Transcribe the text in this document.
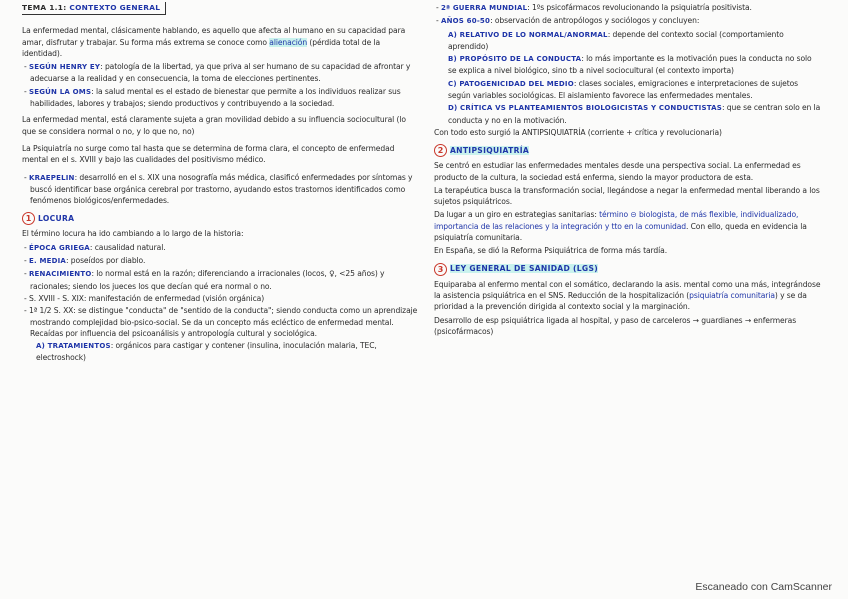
TEMA 1.1: CONTEXTO GENERAL

La enfermedad mental, clásicamente hablando, es aquello que afecta al humano en su capacidad para amar, disfrutar y trabajar. Su forma más extrema se conoce como alienación (pérdida total de la identidad).

- SEGÚN HENRY EY: patología de la libertad, ya que priva al ser humano de su capacidad de afrontar y adecuarse a la realidad y en consecuencia, la toma de elecciones pertinentes.

- SEGÚN LA OMS: la salud mental es el estado de bienestar que permite a los individuos realizar sus habilidades, labores y trabajos; siendo productivos y contribuyendo a la sociedad.

La enfermedad mental, está claramente sujeta a gran movilidad debido a su influencia sociocultural (lo que se considera normal o no, y lo que no, no)

La Psiquiatría no surge como tal hasta que se determina de forma clara, el concepto de enfermedad mental en el s. XVIII y bajo las cualidades del positivismo médico.

- KRAEPELIN: desarrolló en el s. XIX una nosografía más médica, clasificó enfermedades por síntomas y buscó identificar base orgánica cerebral por trastorno, ayudando estos trastornos identificados como fenómenos biológicos/enfermedades.

1 LOCURA

El término locura ha ido cambiando a lo largo de la historia:

- ÉPOCA GRIEGA: causalidad natural.

- E. MEDIA: poseídos por diablo.

- RENACIMIENTO: lo normal está en la razón; diferenciando a irracionales (locos, ♀, <25 años) y racionales; siendo los jueces los que decían qué era normal o no.

- S. XVIII - S. XIX: manifestación de enfermedad (visión orgánica)

- 1ª 1/2 S. XX: se distingue "conducta" de "sentido de la conducta"; siendo conducta como un aprendizaje mostrando complejidad bio-psico-social. Se da un concepto más ecléctico de enfermedad mental. Recaídas por influencia del psicoanálisis y antropología cultural y sociológica.

A) TRATAMIENTOS: orgánicos para castigar y contener (insulina, inoculación malaria, TEC, electroshock)

- 2ª GUERRA MUNDIAL: 1ºs psicofármacos revolucionando la psiquiatría positivista.

- AÑOS 60-50: observación de antropólogos y sociólogos y concluyen:

A) RELATIVO DE LO NORMAL/ANORMAL: depende del contexto social (comportamiento aprendido)

B) PROPÓSITO DE LA CONDUCTA: lo más importante es la motivación pues la conducta no solo se explica a nivel biológico, sino tb a nivel sociocultural (el contexto importa)

C) PATOGENICIDAD DEL MEDIO: clases sociales, emigraciones e interpretaciones de sujetos según variables sociológicas. El aislamiento favorece las enfermedades mentales.

D) CRÍTICA VS PLANTEAMIENTOS BIOLOGICISTAS Y CONDUCTISTAS: que se centran solo en la conducta y no en la motivación.

Con todo esto surgió la ANTIPSIQUIATRÍA (corriente + crítica y revolucionaria)

2 ANTIPSIQUIATRÍA

Se centró en estudiar las enfermedades mentales desde una perspectiva social. La enfermedad es producto de la cultura, la sociedad está enferma, siendo la mayor productora de esta.

La terapéutica busca la transformación social, llegándose a negar la enfermedad mental liberando a los sujetos psiquiátricos.

Da lugar a un giro en estrategias sanitarias: término ⊝ biologista, de más flexible, individualizado, importancia de las relaciones y la integración y tto en la comunidad. Con ello, queda en evidencia la psiquiatría comunitaria.

En España, se dió la Reforma Psiquiátrica de forma más tardía.

3 LEY GENERAL DE SANIDAD (LGS)

Equiparaba al enfermo mental con el somático, declarando la asis. mental como una más, integrándose la asistencia psiquiátrica en el SNS. Reducción de la hospitalización (psiquiatría comunitaria) y se da prioridad a la prevención dirigida al contexto social y la marginación.

Desarrollo de esp psiquiátrica ligada al hospital, y paso de carceleros → guardianes → enfermeras (psicofármacos)

Escaneado con CamScanner
